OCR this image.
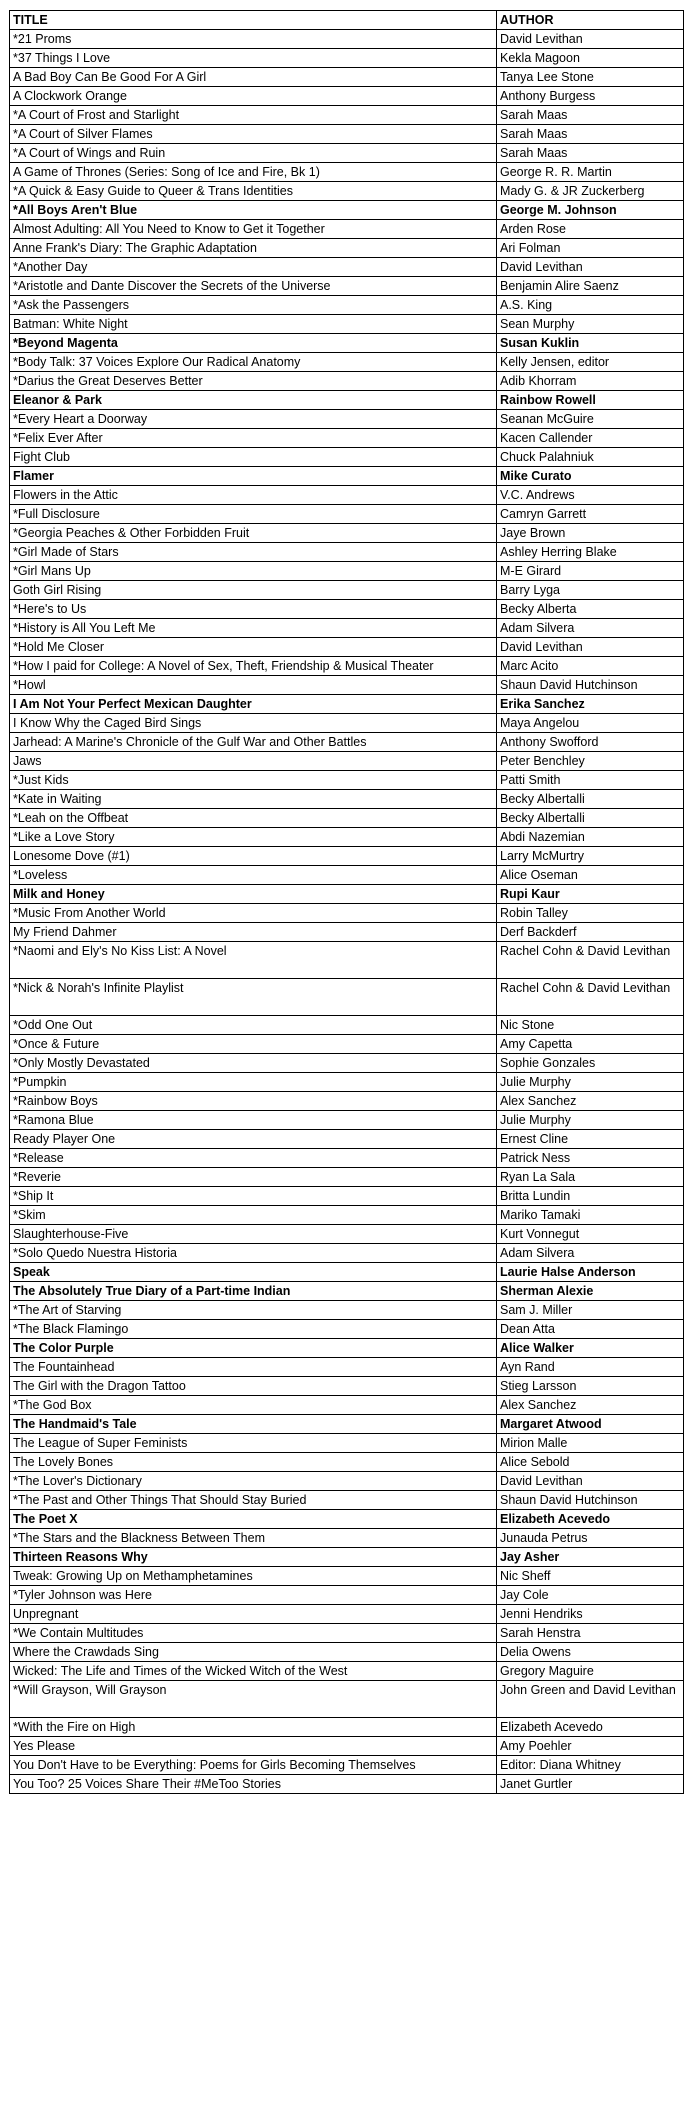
TITLE	AUTHOR
*21 Proms	David Levithan
*37 Things I Love	Kekla Magoon
A Bad Boy Can Be Good For A Girl	Tanya Lee Stone
A Clockwork Orange	Anthony Burgess
*A Court of Frost and Starlight	Sarah Maas
*A Court of Silver Flames	Sarah Maas
*A Court of Wings and Ruin	Sarah Maas
A Game of Thrones (Series: Song of Ice and Fire, Bk 1)	George R. R. Martin
*A Quick & Easy Guide to Queer & Trans Identities	Mady G. & JR Zuckerberg
*All Boys Aren't Blue	George M. Johnson
Almost Adulting: All You Need to Know to Get it Together	Arden Rose
Anne Frank's Diary: The Graphic Adaptation	Ari Folman
*Another Day	David Levithan
*Aristotle and Dante Discover the Secrets of the Universe	Benjamin Alire Saenz
*Ask the Passengers	A.S. King
Batman: White Night	Sean Murphy
*Beyond Magenta	Susan Kuklin
*Body Talk: 37 Voices Explore Our Radical Anatomy	Kelly Jensen, editor
*Darius the Great Deserves Better	Adib Khorram
Eleanor & Park	Rainbow Rowell
*Every Heart a Doorway	Seanan McGuire
*Felix Ever After	Kacen Callender
Fight Club	Chuck Palahniuk
Flamer	Mike Curato
Flowers in the Attic	V.C. Andrews
*Full Disclosure	Camryn Garrett
*Georgia Peaches & Other Forbidden Fruit	Jaye Brown
*Girl Made of Stars	Ashley Herring Blake
*Girl Mans Up	M-E Girard
Goth Girl Rising	Barry Lyga
*Here's to Us	Becky Alberta
*History is All You Left Me	Adam Silvera
*Hold Me Closer	David Levithan
*How I paid for College: A Novel of Sex, Theft, Friendship & Musical Theater	Marc Acito
*Howl	Shaun David Hutchinson
I Am Not Your Perfect Mexican Daughter	Erika Sanchez
I Know Why the Caged Bird Sings	Maya Angelou
Jarhead: A Marine's Chronicle of the Gulf War and Other Battles	Anthony Swofford
Jaws	Peter Benchley
*Just Kids	Patti Smith
*Kate in Waiting	Becky Albertalli
*Leah on the Offbeat	Becky Albertalli
*Like a Love Story	Abdi Nazemian
Lonesome Dove (#1)	Larry McMurtry
*Loveless	Alice Oseman
Milk and Honey	Rupi Kaur
*Music From Another World	Robin Talley
My Friend Dahmer	Derf Backderf
*Naomi and Ely's No Kiss List: A Novel	Rachel Cohn & David Levithan
*Nick & Norah's Infinite Playlist	Rachel Cohn & David Levithan
*Odd One Out	Nic Stone
*Once & Future	Amy Capetta
*Only Mostly Devastated	Sophie Gonzales
*Pumpkin	Julie Murphy
*Rainbow Boys	Alex Sanchez
*Ramona Blue	Julie Murphy
Ready Player One	Ernest Cline
*Release	Patrick Ness
*Reverie	Ryan La Sala
*Ship It	Britta Lundin
*Skim	Mariko Tamaki
Slaughterhouse-Five	Kurt Vonnegut
*Solo Quedo Nuestra Historia	Adam Silvera
Speak	Laurie Halse Anderson
The Absolutely True Diary of a Part-time Indian	Sherman Alexie
*The Art of Starving	Sam J. Miller
*The Black Flamingo	Dean Atta
The Color Purple	Alice Walker
The Fountainhead	Ayn Rand
The Girl with the Dragon Tattoo	Stieg Larsson
*The God Box	Alex Sanchez
The Handmaid's Tale	Margaret Atwood
The League of Super Feminists	Mirion Malle
The Lovely Bones	Alice Sebold
*The Lover's Dictionary	David Levithan
*The Past and Other Things That Should Stay Buried	Shaun David Hutchinson
The Poet X	Elizabeth Acevedo
*The Stars and the Blackness Between Them	Junauda Petrus
Thirteen Reasons Why	Jay Asher
Tweak: Growing Up on Methamphetamines	Nic Sheff
*Tyler Johnson was Here	Jay Cole
Unpregnant	Jenni Hendriks
*We Contain Multitudes	Sarah Henstra
Where the Crawdads Sing	Delia Owens
Wicked: The Life and Times of the Wicked Witch of the West	Gregory Maguire
*Will Grayson, Will Grayson	John Green and David Levithan
*With the Fire on High	Elizabeth Acevedo
Yes Please	Amy Poehler
You Don't Have to be Everything: Poems for Girls Becoming Themselves	Editor: Diana Whitney
You Too? 25 Voices Share Their #MeToo Stories	Janet Gurtler
